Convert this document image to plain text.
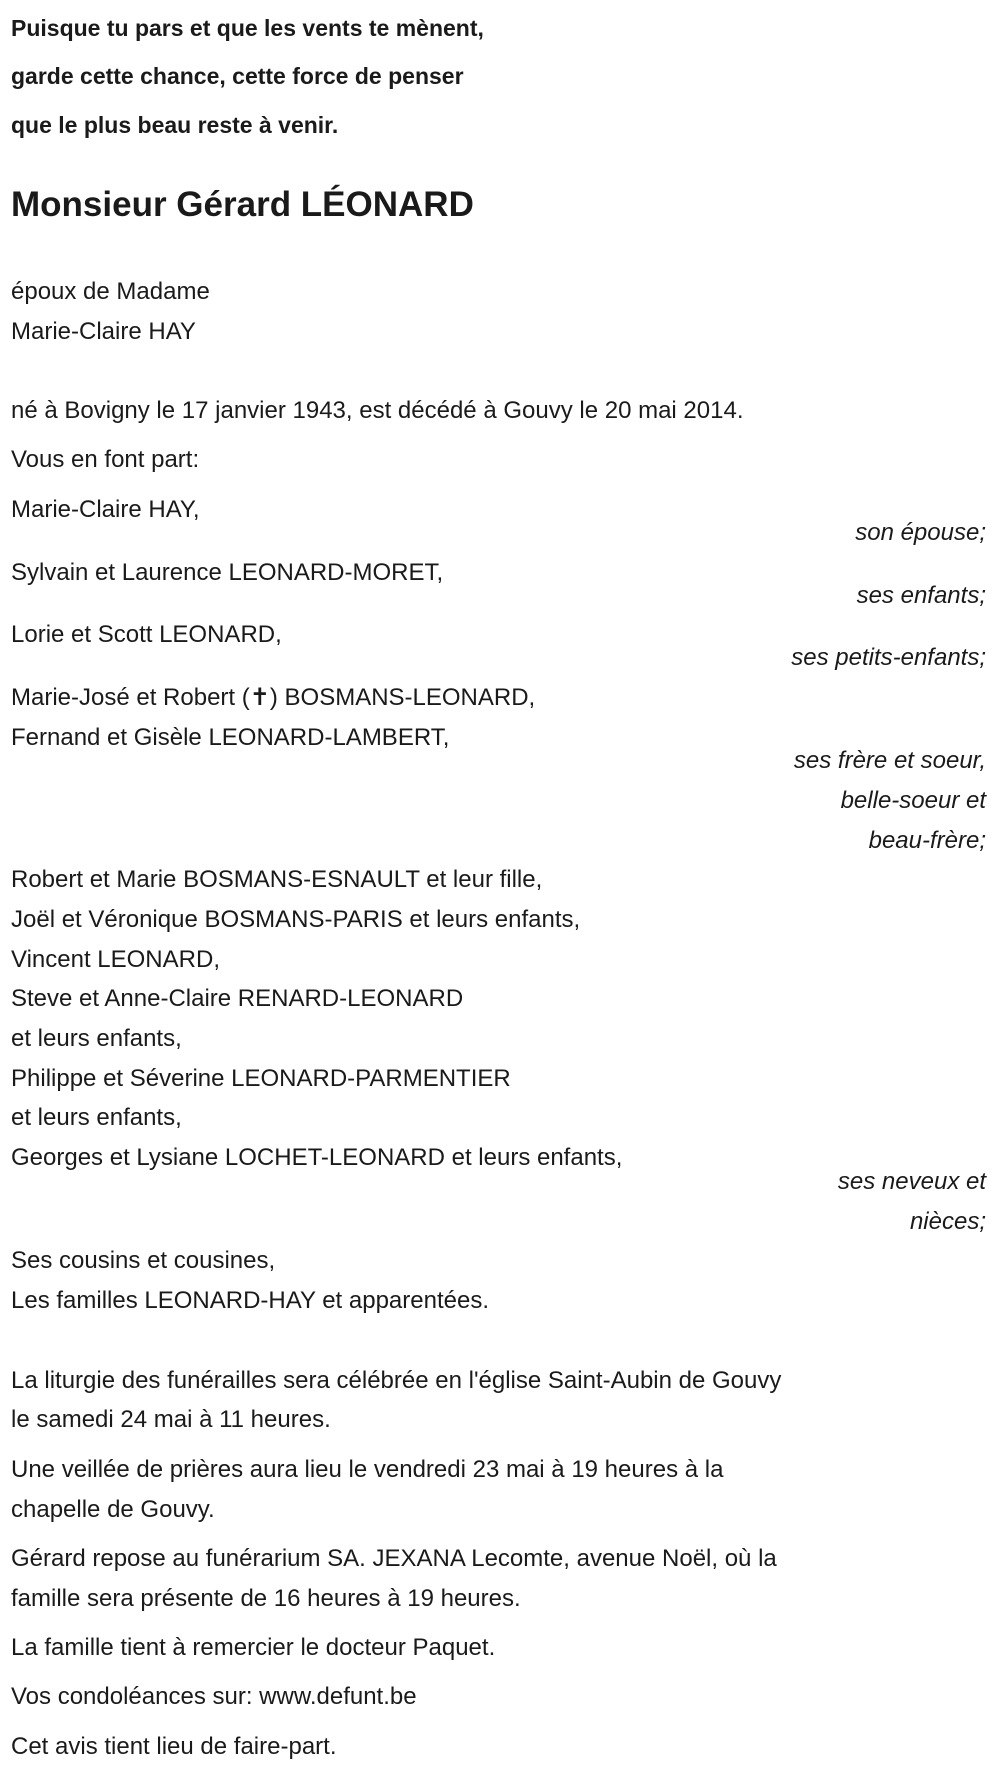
Puisque tu pars et que les vents te mènent,
garde cette chance, cette force de penser
que le plus beau reste à venir.
Monsieur Gérard LÉONARD
époux de Madame
Marie-Claire HAY
né à Bovigny le 17 janvier 1943, est décédé à Gouvy le 20 mai 2014.
Vous en font part:
Marie-Claire HAY,
son épouse;
Sylvain et Laurence LEONARD-MORET,
ses enfants;
Lorie et Scott LEONARD,
ses petits-enfants;
Marie-José et Robert (✝) BOSMANS-LEONARD,
Fernand et Gisèle LEONARD-LAMBERT,
ses frère et soeur,
belle-soeur et
beau-frère;
Robert et Marie BOSMANS-ESNAULT et leur fille,
Joël et Véronique BOSMANS-PARIS et leurs enfants,
Vincent LEONARD,
Steve et Anne-Claire RENARD-LEONARD
et leurs enfants,
Philippe et Séverine LEONARD-PARMENTIER
et leurs enfants,
Georges et Lysiane LOCHET-LEONARD et leurs enfants,
ses neveux et
nièces;
Ses cousins et cousines,
Les familles LEONARD-HAY et apparentées.
La liturgie des funérailles sera célébrée en l'église Saint-Aubin de Gouvy
le samedi 24 mai à 11 heures.
Une veillée de prières aura lieu le vendredi 23 mai à 19 heures à la
chapelle de Gouvy.
Gérard repose au funérarium SA. JEXANA Lecomte, avenue Noël, où la
famille sera présente de 16 heures à 19 heures.
La famille tient à remercier le docteur Paquet.
Vos condoléances sur: www.defunt.be
Cet avis tient lieu de faire-part.
